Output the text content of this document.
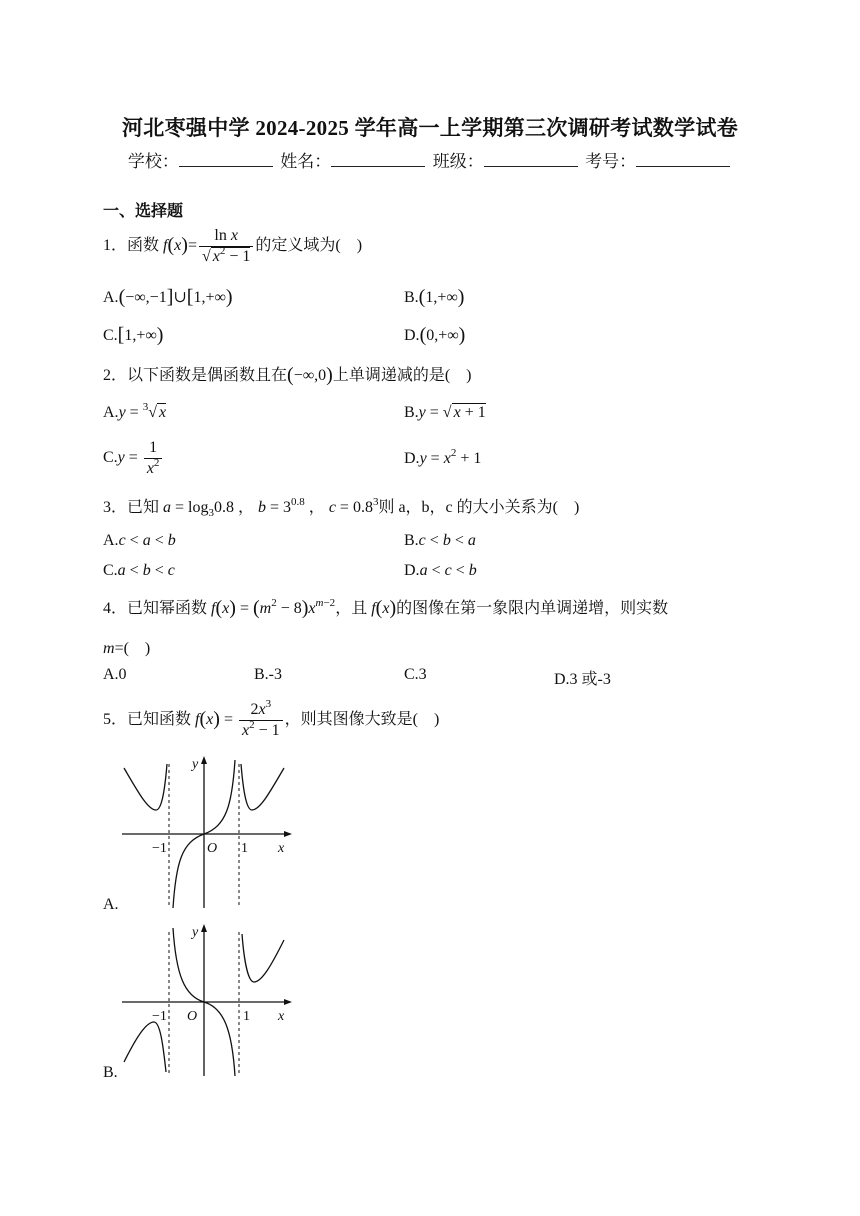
河北枣强中学 2024-2025 学年高一上学期第三次调研考试数学试卷
学校：	姓名：	班级：	考号：
一、选择题
1．函数 $f(x)= \frac{\text{ln x}}{√ x^2 - 1}$ 的定义域为(　)
A.(−∞,−1]∪[1,+∞)	B.(1,+∞)
C.[1,+∞)	D.(0,+∞)
2．以下函数是偶函数且在(−∞,0)上单调递减的是(　)
A.y = $^3$√ x	B.y = √ x + 1
$C.y = \frac{1}{x^2}$	$D.y = x^2 + 1$
3．已知 $a = \log_30.8$ ， $b = 3^{0.8}$ ， $c = 0.8^3$则 a，b，c 的大小关系为(　)
A.c < a < b	B.c < b < a
C.a < b < c	D.a < c < b
4．已知幂函数 $f(x) = (m^2 - 8)x^{m-2}$，且 f(x)的图像在第一象限内单调递增，则实数
m=(　)
A.0	B.-3	C.3	D.3 或-3
5．已知函数 $f(x) = \frac{2x^3}{x^2 - 1}$ ，则其图像大致是(　)
y
x
O
−1	1
A.
y
x
O
−1	1
B.
